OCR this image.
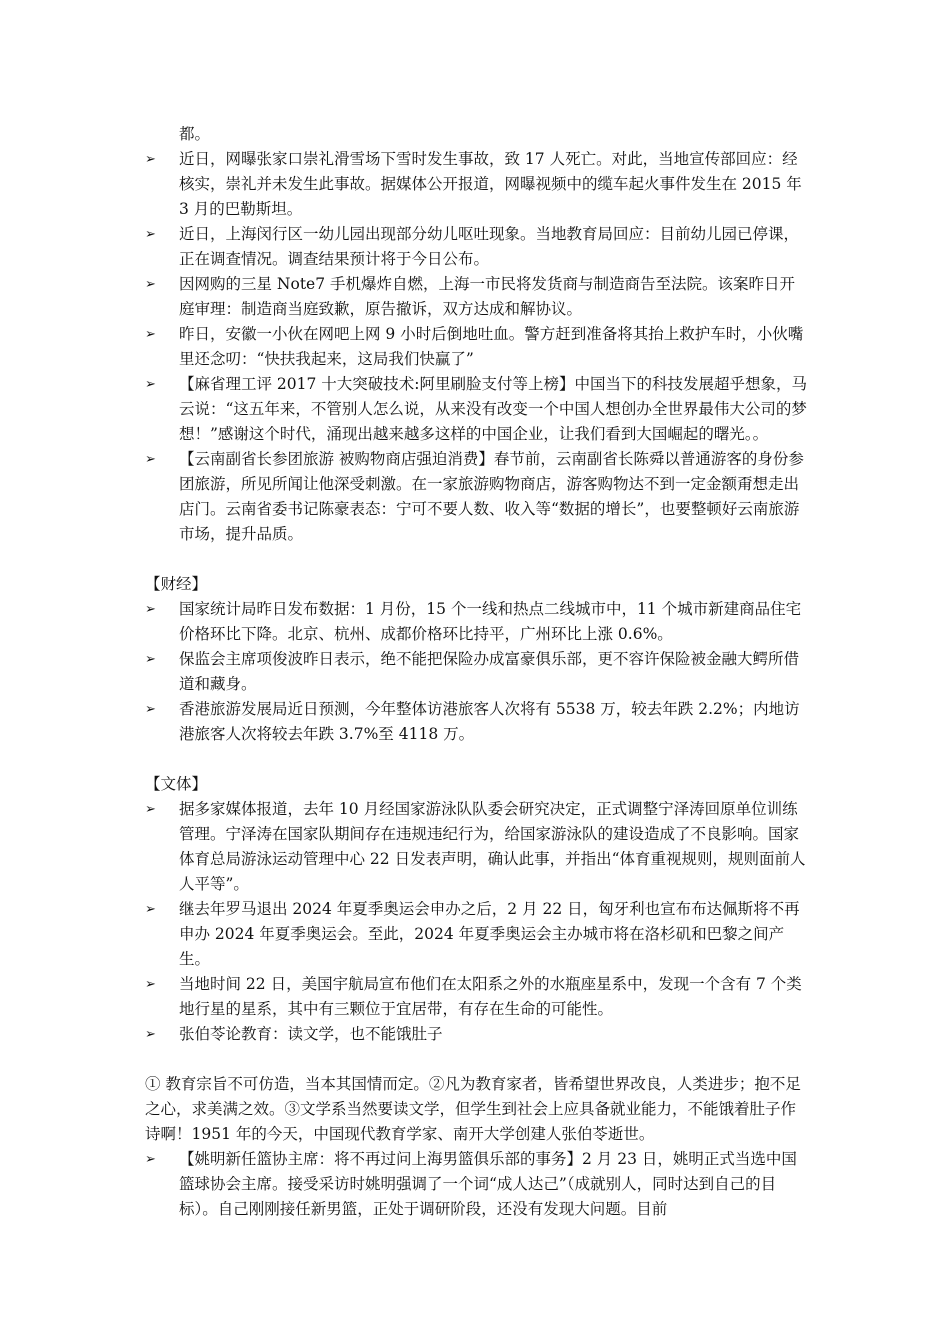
都。

➢	近日，网曝张家口崇礼滑雪场下雪时发生事故，致 17 人死亡。对此，当地宣传部回应：经核实，崇礼并未发生此事故。据媒体公开报道，网曝视频中的缆车起火事件发生在 2015 年 3 月的巴勒斯坦。

➢	近日，上海闵行区一幼儿园出现部分幼儿呕吐现象。当地教育局回应：目前幼儿园已停课，正在调查情况。调查结果预计将于今日公布。

➢	因网购的三星 Note7 手机爆炸自燃，上海一市民将发货商与制造商告至法院。该案昨日开庭审理：制造商当庭致歉，原告撤诉，双方达成和解协议。

➢	昨日，安徽一小伙在网吧上网 9 小时后倒地吐血。警方赶到准备将其抬上救护车时，小伙嘴里还念叨：“快扶我起来，这局我们快赢了”

➢	【麻省理工评 2017 十大突破技术:阿里刷脸支付等上榜】中国当下的科技发展超乎想象，马云说：“这五年来，不管别人怎么说，从来没有改变一个中国人想创办全世界最伟大公司的梦想！”感谢这个时代，涌现出越来越多这样的中国企业，让我们看到大国崛起的曙光。。

➢	【云南副省长参团旅游 被购物商店强迫消费】春节前，云南副省长陈舜以普通游客的身份参团旅游，所见所闻让他深受刺激。在一家旅游购物商店，游客购物达不到一定金额甭想走出店门。云南省委书记陈豪表态：宁可不要人数、收入等“数据的增长”，也要整顿好云南旅游市场，提升品质。

【财经】

➢	国家统计局昨日发布数据：1 月份，15 个一线和热点二线城市中，11 个城市新建商品住宅价格环比下降。北京、杭州、成都价格环比持平，广州环比上涨 0.6%。

➢	保监会主席项俊波昨日表示，绝不能把保险办成富豪俱乐部，更不容许保险被金融大鳄所借道和藏身。

➢	香港旅游发展局近日预测，今年整体访港旅客人次将有 5538 万，较去年跌 2.2%；内地访港旅客人次将较去年跌 3.7%至 4118 万。

【文体】

➢	据多家媒体报道，去年 10 月经国家游泳队队委会研究决定，正式调整宁泽涛回原单位训练管理。宁泽涛在国家队期间存在违规违纪行为，给国家游泳队的建设造成了不良影响。国家体育总局游泳运动管理中心 22 日发表声明，确认此事，并指出“体育重视规则，规则面前人人平等”。

➢	继去年罗马退出 2024 年夏季奥运会申办之后，2 月 22 日，匈牙利也宣布布达佩斯将不再申办 2024 年夏季奥运会。至此，2024 年夏季奥运会主办城市将在洛杉矶和巴黎之间产生。

➢	当地时间 22 日，美国宇航局宣布他们在太阳系之外的水瓶座星系中，发现一个含有 7 个类地行星的星系，其中有三颗位于宜居带，有存在生命的可能性。

➢	张伯苓论教育：读文学，也不能饿肚子

① 教育宗旨不可仿造，当本其国情而定。②凡为教育家者，皆希望世界改良，人类进步；抱不足之心，求美满之效。③文学系当然要读文学，但学生到社会上应具备就业能力，不能饿着肚子作诗啊！1951 年的今天，中国现代教育学家、南开大学创建人张伯苓逝世。

➢	【姚明新任篮协主席：将不再过问上海男篮俱乐部的事务】2 月 23 日，姚明正式当选中国篮球协会主席。接受采访时姚明强调了一个词“成人达己”（成就别人，同时达到自己的目标）。自己刚刚接任新男篮，正处于调研阶段，还没有发现大问题。目前
